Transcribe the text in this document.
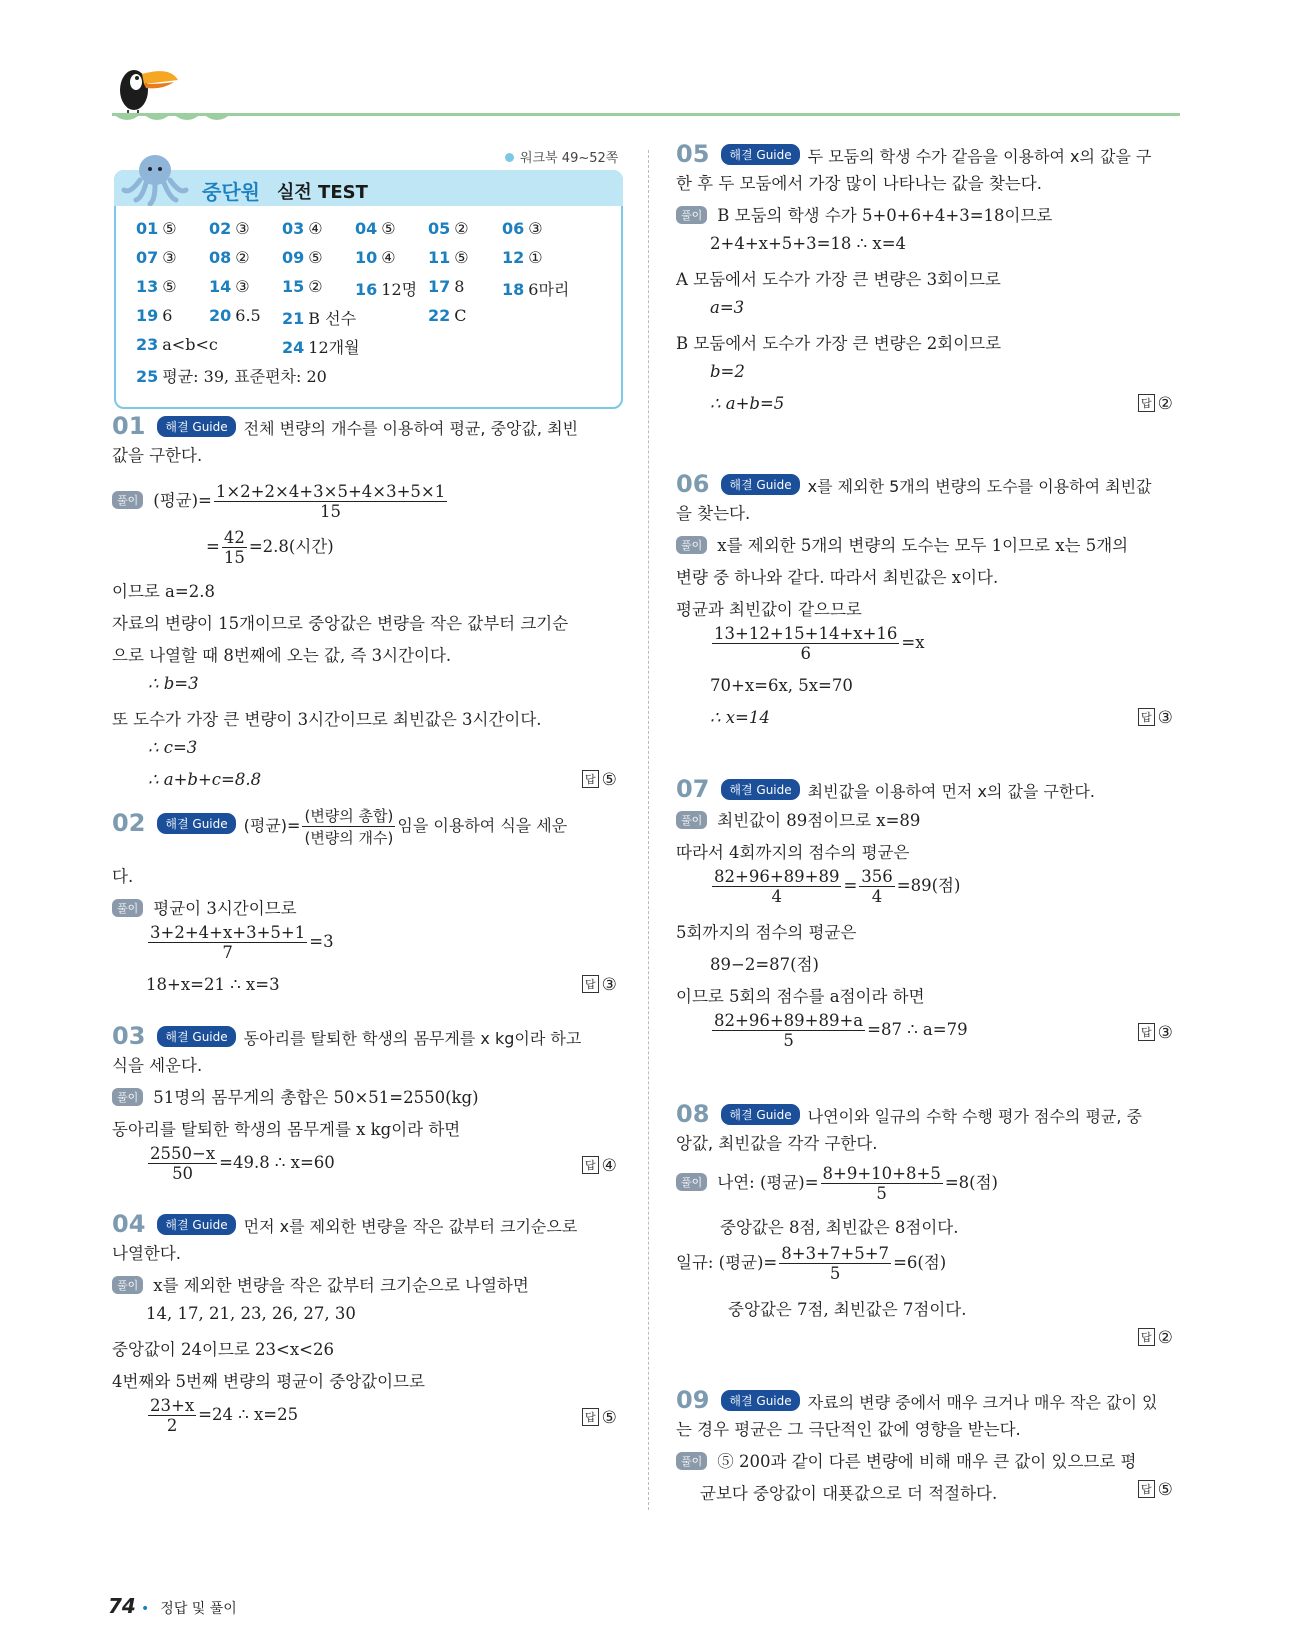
워크북 49~52쪽
중단원 실전 TEST
01 ⑤ 02 ③ 03 ④ 04 ⑤ 05 ② 06 ③
07 ③ 08 ② 09 ⑤ 10 ④ 11 ⑤ 12 ①
13 ⑤ 14 ③ 15 ② 16 12명 17 8 18 6마리
19 6 20 6.5 21 B 선수	22 C
23 a<b<c	24 12개월
25 평균: 39, 표준편차: 20
01 해결 Guide 전체 변량의 개수를 이용하여 평균, 중앙값, 최빈
값을 구한다.
풀이 (평균)= $\frac{1\times 2+2\times 4+3\times 5+4\times 3+5\times 1}{15}$
= $\frac{42}{15} =2.8$(시간)
이므로 a=2.8
자료의 변량이 15개이므로 중앙값은 변량을 작은 값부터 크기순
으로 나열할 때 8번째에 오는 값, 즉 3시간이다.
∴ b=3
또 도수가 가장 큰 변량이 3시간이므로 최빈값은 3시간이다.
∴ c=3
∴ a+b+c=8.8	답 ⑤
02 해결 Guide (평균)= $\frac{\text{(변량의 총합)}}{\text{(변량의 개수)}}$ 임을 이용하여 식을 세운
다.
풀이 평균이 3시간이므로
$\frac{3+2+4+x+3+5+1}{7} =3$
18+x=21 ∴ x=3	답 ③
03 해결 Guide 동아리를 탈퇴한 학생의 몸무게를 x kg이라 하고
식을 세운다.
풀이 51명의 몸무게의 총합은 50×51=2550(kg)
동아리를 탈퇴한 학생의 몸무게를 x kg이라 하면
$\frac{2550-x}{50} =49.8$ ∴ x=60	답 ④
04 해결 Guide 먼저 x를 제외한 변량을 작은 값부터 크기순으로
나열한다.
풀이 x를 제외한 변량을 작은 값부터 크기순으로 나열하면
14, 17, 21, 23, 26, 27, 30
중앙값이 24이므로 23<x<26
4번째와 5번째 변량의 평균이 중앙값이므로
$\frac{23+x}{2} =24$ ∴ x=25	답 ⑤
05 해결 Guide 두 모둠의 학생 수가 같음을 이용하여 x의 값을 구
한 후 두 모둠에서 가장 많이 나타나는 값을 찾는다.
풀이 B 모둠의 학생 수가 5+0+6+4+3=18이므로
2+4+x+5+3=18 ∴ x=4
A 모둠에서 도수가 가장 큰 변량은 3회이므로
a=3
B 모둠에서 도수가 가장 큰 변량은 2회이므로
b=2
∴ a+b=5	답 ②
06 해결 Guide x를 제외한 5개의 변량의 도수를 이용하여 최빈값
을 찾는다.
풀이 x를 제외한 5개의 변량의 도수는 모두 1이므로 x는 5개의
변량 중 하나와 같다. 따라서 최빈값은 x이다.
평균과 최빈값이 같으므로
$\frac{13+12+15+14+x+16}{6} =x$
70+x=6x, 5x=70
∴ x=14	답 ③
07 해결 Guide 최빈값을 이용하여 먼저 x의 값을 구한다.
풀이 최빈값이 89점이므로 x=89
따라서 4회까지의 점수의 평균은
$\frac{82+96+89+89}{4} = \frac{356}{4} =89$(점)
5회까지의 점수의 평균은
89−2=87(점)
이므로 5회의 점수를 a점이라 하면
$\frac{82+96+89+89+a}{5} =87$ ∴ a=79	답 ③
08 해결 Guide 나연이와 일규의 수학 수행 평가 점수의 평균, 중
앙값, 최빈값을 각각 구한다.
풀이 나연: (평균)= $\frac{8+9+10+8+5}{5} =8$(점)
중앙값은 8점, 최빈값은 8점이다.
일규: (평균)= $\frac{8+3+7+5+7}{5} =6$(점)
중앙값은 7점, 최빈값은 7점이다.
답 ②
09 해결 Guide 자료의 변량 중에서 매우 크거나 매우 작은 값이 있
는 경우 평균은 그 극단적인 값에 영향을 받는다.
풀이 ⑤ 200과 같이 다른 변량에 비해 매우 큰 값이 있으므로 평
균보다 중앙값이 대푯값으로 더 적절하다.	답 ⑤
74 • 정답 및 풀이
